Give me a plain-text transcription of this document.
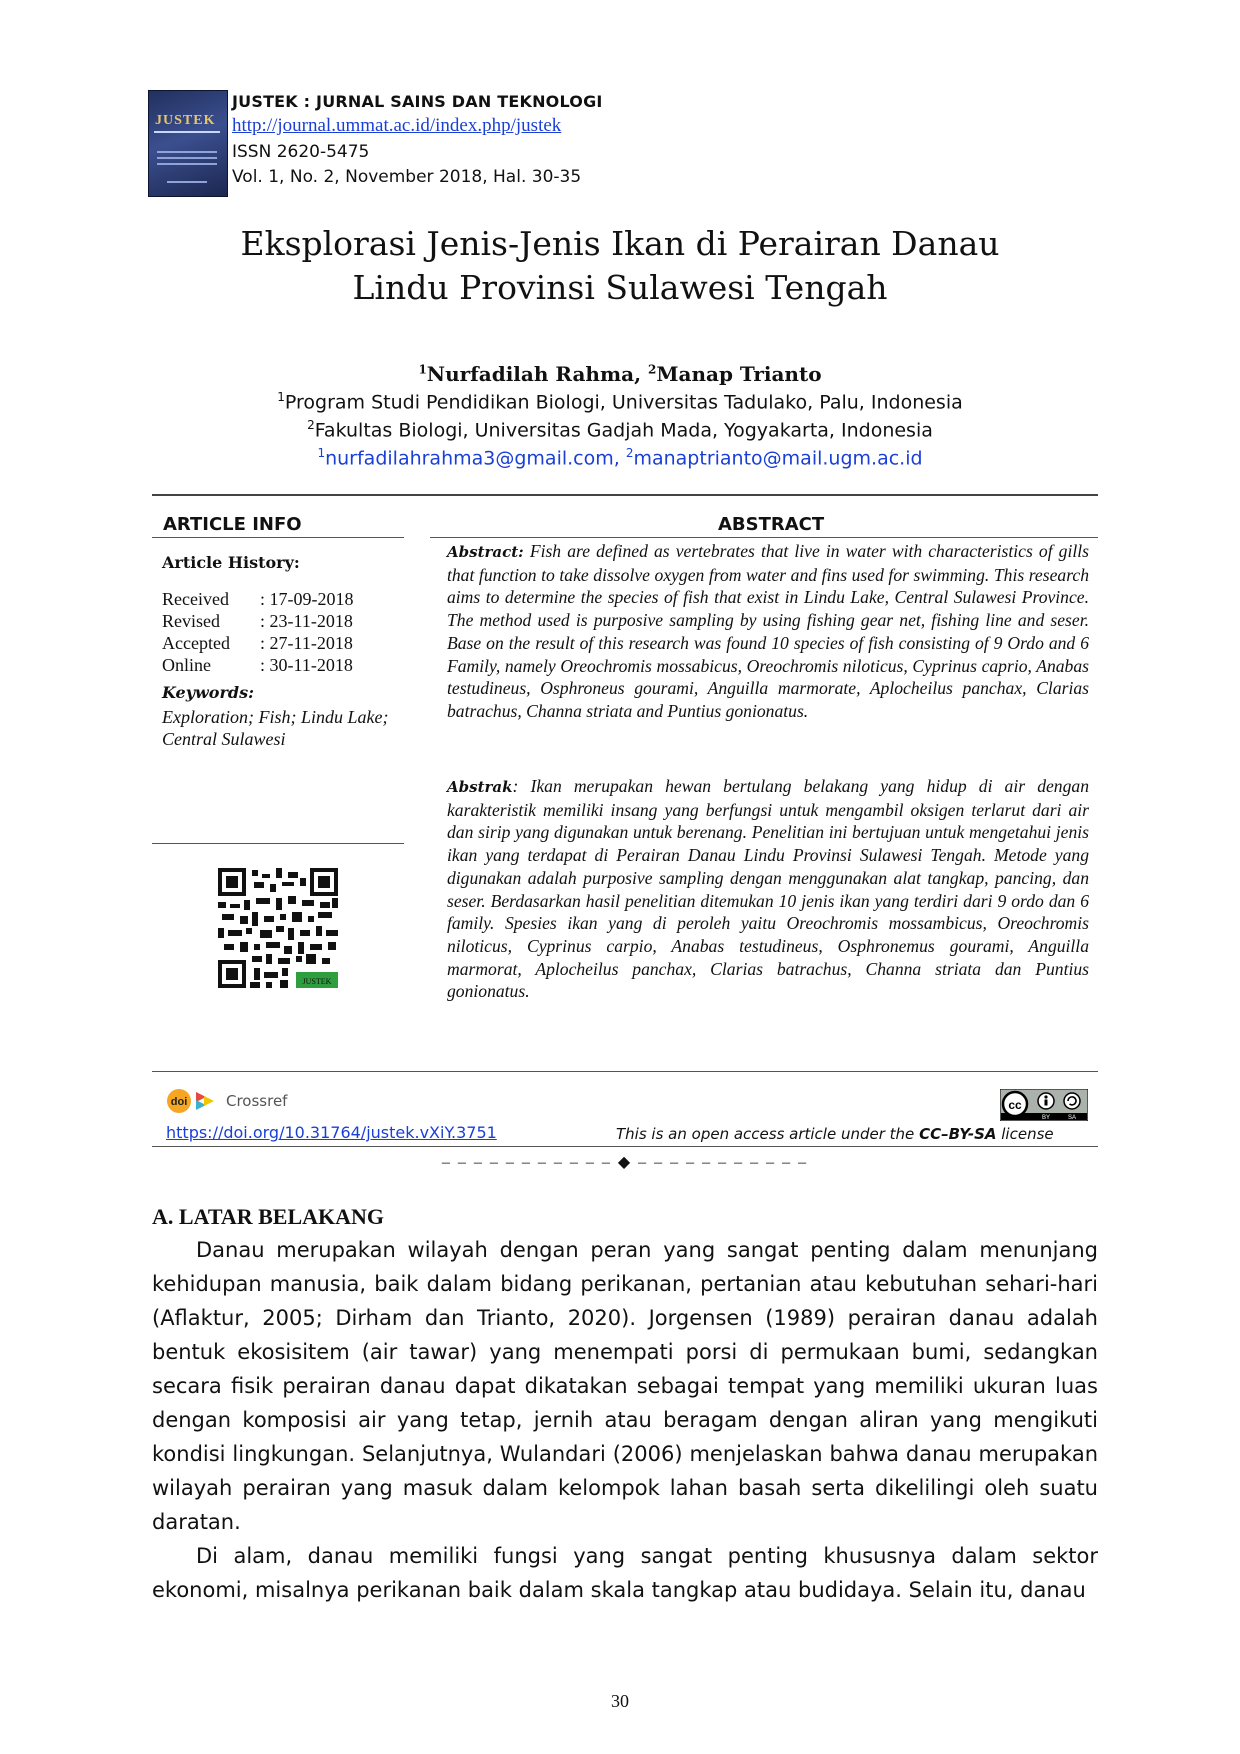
JUSTEK
JUSTEK : JURNAL SAINS DAN TEKNOLOGI
http://journal.ummat.ac.id/index.php/justek
ISSN 2620-5475
Vol. 1, No. 2, November 2018, Hal. 30-35
Eksplorasi Jenis-Jenis Ikan di Perairan Danau
Lindu Provinsi Sulawesi Tengah
$^1$Nurfadilah Rahma, $^2$Manap Trianto
$^1$Program Studi Pendidikan Biologi, Universitas Tadulako, Palu, Indonesia
$^2$Fakultas Biologi, Universitas Gadjah Mada, Yogyakarta, Indonesia
$^1$nurfadilahrahma3@gmail.com, $^2$manaptrianto@mail.ugm.ac.id
ARTICLE INFO	ABSTRACT
Article History:
Received : 17-09-2018
Revised : 23-11-2018
Accepted : 27-11-2018
Online	: 30-11-2018
Keywords:
Exploration; Fish; Lindu Lake; Central Sulawesi
JUSTEK
Abstract: Fish are defined as vertebrates that live in water with characteristics of gills that function to take dissolve oxygen from water and fins used for swimming. This research aims to determine the species of fish that exist in Lindu Lake, Central Sulawesi Province. The method used is purposive sampling by using fishing gear net, fishing line and seser. Base on the result of this research was found 10 species of fish consisting of 9 Ordo and 6 Family, namely Oreochromis mossabicus, Oreochromis niloticus, Cyprinus caprio, Anabas testudineus, Osphroneus gourami, Anguilla marmorate, Aplocheilus panchax, Clarias batrachus, Channa striata and Puntius gonionatus.
Abstrak: Ikan merupakan hewan bertulang belakang yang hidup di air dengan karakteristik memiliki insang yang berfungsi untuk mengambil oksigen terlarut dari air dan sirip yang digunakan untuk berenang. Penelitian ini bertujuan untuk mengetahui jenis ikan yang terdapat di Perairan Danau Lindu Provinsi Sulawesi Tengah. Metode yang digunakan adalah purposive sampling dengan menggunakan alat tangkap, pancing, dan seser. Berdasarkan hasil penelitian ditemukan 10 jenis ikan yang terdiri dari 9 ordo dan 6 family. Spesies ikan yang di peroleh yaitu Oreochromis mossambicus, Oreochromis niloticus, Cyprinus carpio, Anabas testudineus, Osphronemus gourami, Anguilla marmorat, Aplocheilus panchax, Clarias batrachus, Channa striata dan Puntius gonionatus.
doi	Crossref	cc
BY	SA
https://doi.org/10.31764/justek.vXiY.3751	This is an open access article under the CC–BY-SA license
– – – – – – – – – – – ◆ – – – – – – – – – – –
A. LATAR BELAKANG
Danau merupakan wilayah dengan peran yang sangat penting dalam menunjang kehidupan manusia, baik dalam bidang perikanan, pertanian atau kebutuhan sehari-hari (Aflaktur, 2005; Dirham dan Trianto, 2020). Jorgensen (1989) perairan danau adalah bentuk ekosisitem (air tawar) yang menempati porsi di permukaan bumi, sedangkan secara fisik perairan danau dapat dikatakan sebagai tempat yang memiliki ukuran luas dengan komposisi air yang tetap, jernih atau beragam dengan aliran yang mengikuti kondisi lingkungan. Selanjutnya, Wulandari (2006) menjelaskan bahwa danau merupakan wilayah perairan yang masuk dalam kelompok lahan basah serta dikelilingi oleh suatu daratan.
Di alam, danau memiliki fungsi yang sangat penting khususnya dalam sektor ekonomi, misalnya perikanan baik dalam skala tangkap atau budidaya. Selain itu, danau
30
